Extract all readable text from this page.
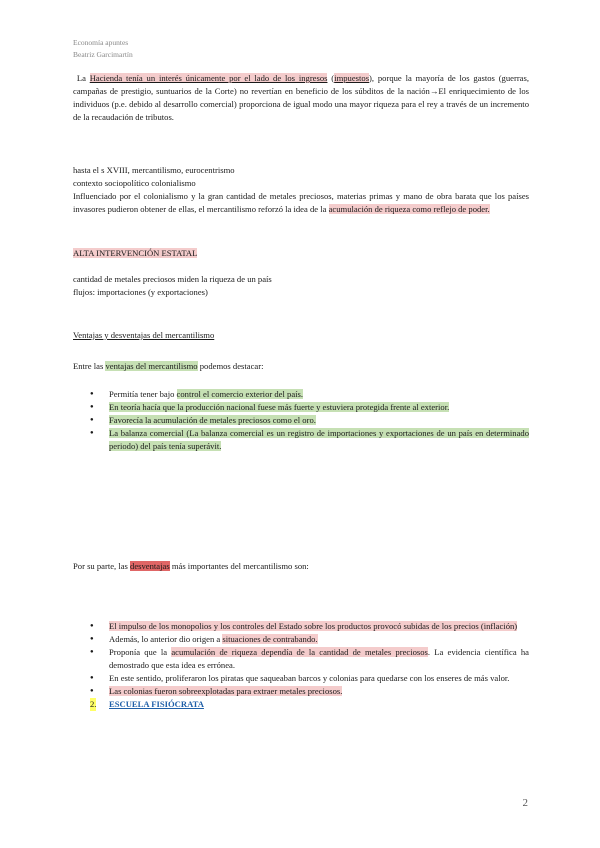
Economía apuntes
Beatriz Garcimartín

La Hacienda tenía un interés únicamente por el lado de los ingresos (impuestos), porque la mayoría de los gastos (guerras, campañas de prestigio, suntuarios de la Corte) no revertían en beneficio de los súbditos de la nación→El enriquecimiento de los individuos (p.e. debido al desarrollo comercial) proporciona de igual modo una mayor riqueza para el rey a través de un incremento de la recaudación de tributos.

hasta el s XVIII, mercantilismo, eurocentrismo
contexto sociopolítico colonialismo

Influenciado por el colonialismo y la gran cantidad de metales preciosos, materias primas y mano de obra barata que los países invasores pudieron obtener de ellas, el mercantilismo reforzó la idea de la acumulación de riqueza como reflejo de poder.

ALTA INTERVENCIÓN ESTATAL
cantidad de metales preciosos miden la riqueza de un país
flujos: importaciones (y exportaciones)
Ventajas y desventajas del mercantilismo
Entre las ventajas del mercantilismo podemos destacar:
● Permitía tener bajo control el comercio exterior del país.
● En teoría hacía que la producción nacional fuese más fuerte y estuviera protegida frente al exterior.
● Favorecía la acumulación de metales preciosos como el oro.
● La balanza comercial (La balanza comercial es un registro de importaciones y exportaciones de un país en determinado periodo) del país tenía superávit.
Por su parte, las desventajas más importantes del mercantilismo son:
● El impulso de los monopolios y los controles del Estado sobre los productos provocó subidas de los precios (inflación)
● Además, lo anterior dio origen a situaciones de contrabando.
● Proponía que la acumulación de riqueza dependía de la cantidad de metales preciosos. La evidencia científica ha demostrado que esta idea es errónea.
● En este sentido, proliferaron los piratas que saqueaban barcos y colonias para quedarse con los enseres de más valor.
● Las colonias fueron sobreexplotadas para extraer metales preciosos.
2. ESCUELA FISIÓCRATA
2
